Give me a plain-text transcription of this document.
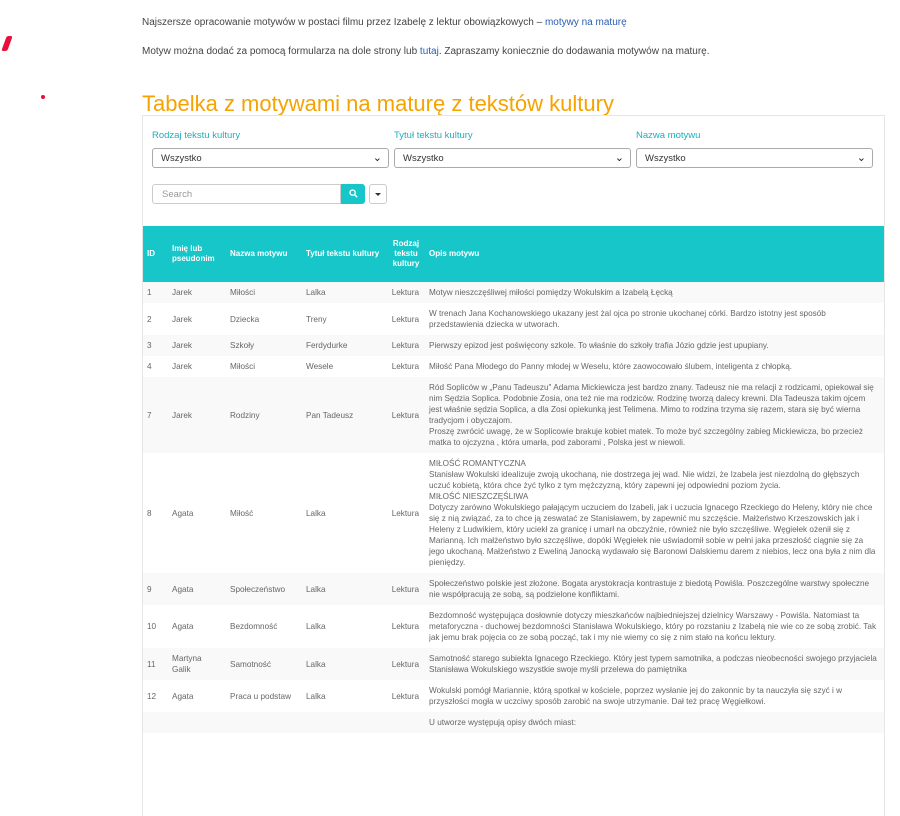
Najszersze opracowanie motywów w postaci filmu przez Izabelę z lektur obowiązkowych – motywy na maturę
Motyw można dodać za pomocą formularza na dole strony lub tutaj. Zapraszamy koniecznie do dodawania motywów na maturę.
Tabelka z motywami na maturę z tekstów kultury
Rodzaj tekstu kultury	Tytuł tekstu kultury	Nazwa motywu
Wszystko	⌄	Wszystko	⌄	Wszystko	⌄
Search
ID	Imię lub pseudonim	Nazwa motywu	Tytuł tekstu kultury	Rodzaj tekstu kultury	Opis motywu
1	Jarek	Miłości	Lalka	Lektura	Motyw nieszczęśliwej miłości pomiędzy Wokulskim a Izabelą Łęcką
2	Jarek	Dziecka	Treny	Lektura	W trenach Jana Kochanowskiego ukazany jest żal ojca po stronie ukochanej córki. Bardzo istotny jest sposób przedstawienia dziecka w utworach.
3	Jarek	Szkoły	Ferdydurke	Lektura	Pierwszy epizod jest poświęcony szkole. To właśnie do szkoły trafia Józio gdzie jest upupiany.
4	Jarek	Miłości	Wesele	Lektura	Miłość Pana Młodego do Panny młodej w Weselu, które zaowocowało ślubem, inteligenta z chłopką.
7	Jarek	Rodziny	Pan Tadeusz	Lektura	Ród Sopliców w „Panu Tadeuszu" Adama Mickiewicza jest bardzo znany. Tadeusz nie ma relacji z rodzicami, opiekował się nim Sędzia Soplica. Podobnie Zosia, ona też nie ma rodziców. Rodzinę tworzą dalecy krewni. Dla Tadeusza takim ojcem jest właśnie sędzia Soplica, a dla Zosi opiekunką jest Telimena. Mimo to rodzina trzyma się razem, stara się być wierna tradycjom i obyczajom.
Proszę zwrócić uwagę, że w Soplicowie brakuje kobiet matek. To może być szczególny zabieg Mickiewicza, bo przecież matka to ojczyzna , która umarła, pod zaborami , Polska jest w niewoli.
8	Agata	Miłość	Lalka	Lektura	MIŁOŚĆ ROMANTYCZNA
Stanisław Wokulski idealizuje zwoją ukochaną, nie dostrzega jej wad. Nie widzi, że Izabela jest niezdolną do głębszych uczuć kobietą, która chce żyć tylko z tym mężczyzną, który zapewni jej odpowiedni poziom życia.
MIŁOŚĆ NIESZCZĘŚLIWA
Dotyczy zarówno Wokulskiego pałającym uczuciem do Izabeli, jak i uczucia Ignacego Rzeckiego do Heleny, który nie chce się z nią związać, za to chce ją zeswatać ze Stanisławem, by zapewnić mu szczęście. Małżeństwo Krzeszowskich jak i Heleny z Ludwikiem, który uciekł za granicę i umarł na obczyźnie, również nie było szczęśliwe. Węgiełek ożenił się z Marianną. Ich małżeństwo było szczęśliwe, dopóki Węgiełek nie uświadomił sobie w pełni jaka przeszłość ciągnie się za jego ukochaną. Małżeństwo z Eweliną Janocką wydawało się Baronowi Dalskiemu darem z niebios, lecz ona była z nim dla pieniędzy.
9	Agata	Społeczeństwo	Lalka	Lektura	Społeczeństwo polskie jest złożone. Bogata arystokracja kontrastuje z biedotą Powiśla. Poszczególne warstwy społeczne nie współpracują ze sobą, są podzielone konfliktami.
10	Agata	Bezdomność	Lalka	Lektura	Bezdomność występująca dosłownie dotyczy mieszkańców najbiedniejszej dzielnicy Warszawy - Powiśla. Natomiast ta metaforyczna - duchowej bezdomności Stanisława Wokulskiego, który po rozstaniu z Izabelą nie wie co ze sobą zrobić. Tak jak jemu brak pojęcia co ze sobą począć, tak i my nie wiemy co się z nim stało na końcu lektury.
11	Martyna Galik	Samotność	Lalka	Lektura	Samotność starego subiekta Ignacego Rzeckiego. Który jest typem samotnika, a podczas nieobecności swojego przyjaciela Stanisława Wokulskiego wszystkie swoje myśli przelewa do pamiętnika
12	Agata	Praca u podstaw	Lalka	Lektura	Wokulski pomógł Mariannie, którą spotkał w kościele, poprzez wysłanie jej do zakonnic by ta nauczyła się szyć i w przyszłości mogła w uczciwy sposób zarobić na swoje utrzymanie. Dał też pracę Węgiełkowi.
					U utworze występują opisy dwóch miast:
